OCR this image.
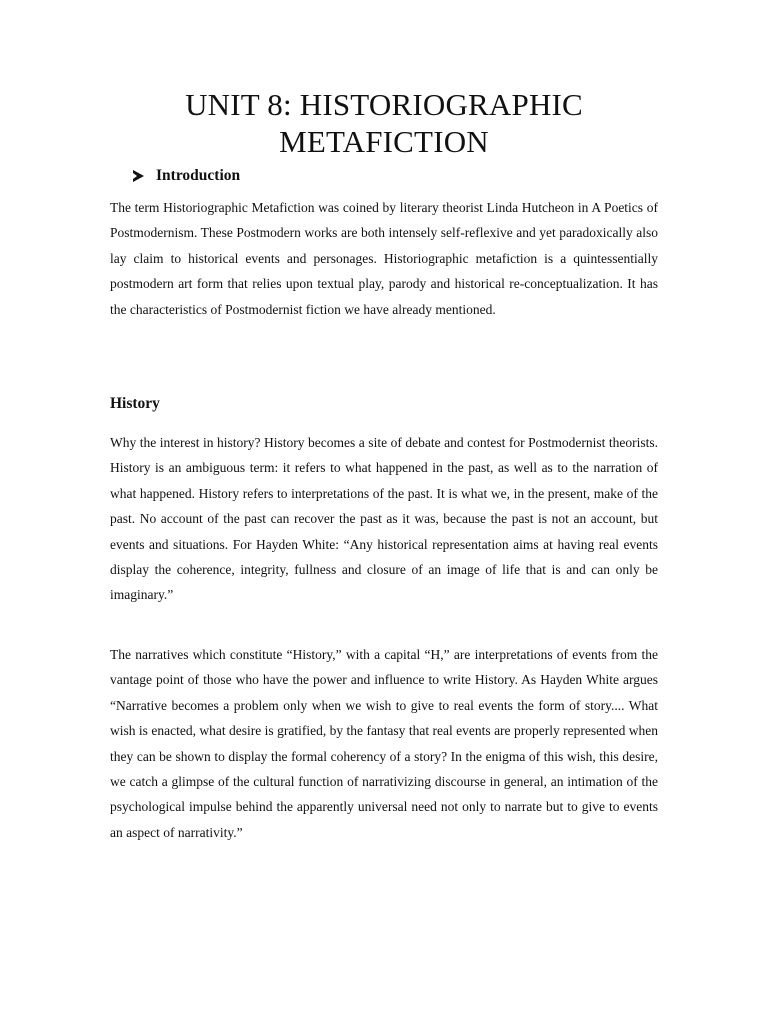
UNIT 8: HISTORIOGRAPHIC
METAFICTION
Introduction

The term Historiographic Metafiction was coined by literary theorist Linda Hutcheon in A Poetics of Postmodernism. These Postmodern works are both intensely self-reflexive and yet paradoxically also lay claim to historical events and personages. Historiographic metafiction is a quintessentially postmodern art form that relies upon textual play, parody and historical re-conceptualization. It has the characteristics of Postmodernist fiction we have already mentioned.

History

Why the interest in history? History becomes a site of debate and contest for Postmodernist theorists. History is an ambiguous term: it refers to what happened in the past, as well as to the narration of what happened. History refers to interpretations of the past. It is what we, in the present, make of the past. No account of the past can recover the past as it was, because the past is not an account, but events and situations. For Hayden White: “Any historical representation aims at having real events display the coherence, integrity, fullness and closure of an image of life that is and can only be imaginary.”

The narratives which constitute “History,” with a capital “H,” are interpretations of events from the vantage point of those who have the power and influence to write History. As Hayden White argues “Narrative becomes a problem only when we wish to give to real events the form of story.... What wish is enacted, what desire is gratified, by the fantasy that real events are properly represented when they can be shown to display the formal coherency of a story? In the enigma of this wish, this desire, we catch a glimpse of the cultural function of narrativizing discourse in general, an intimation of the psychological impulse behind the apparently universal need not only to narrate but to give to events an aspect of narrativity.”
